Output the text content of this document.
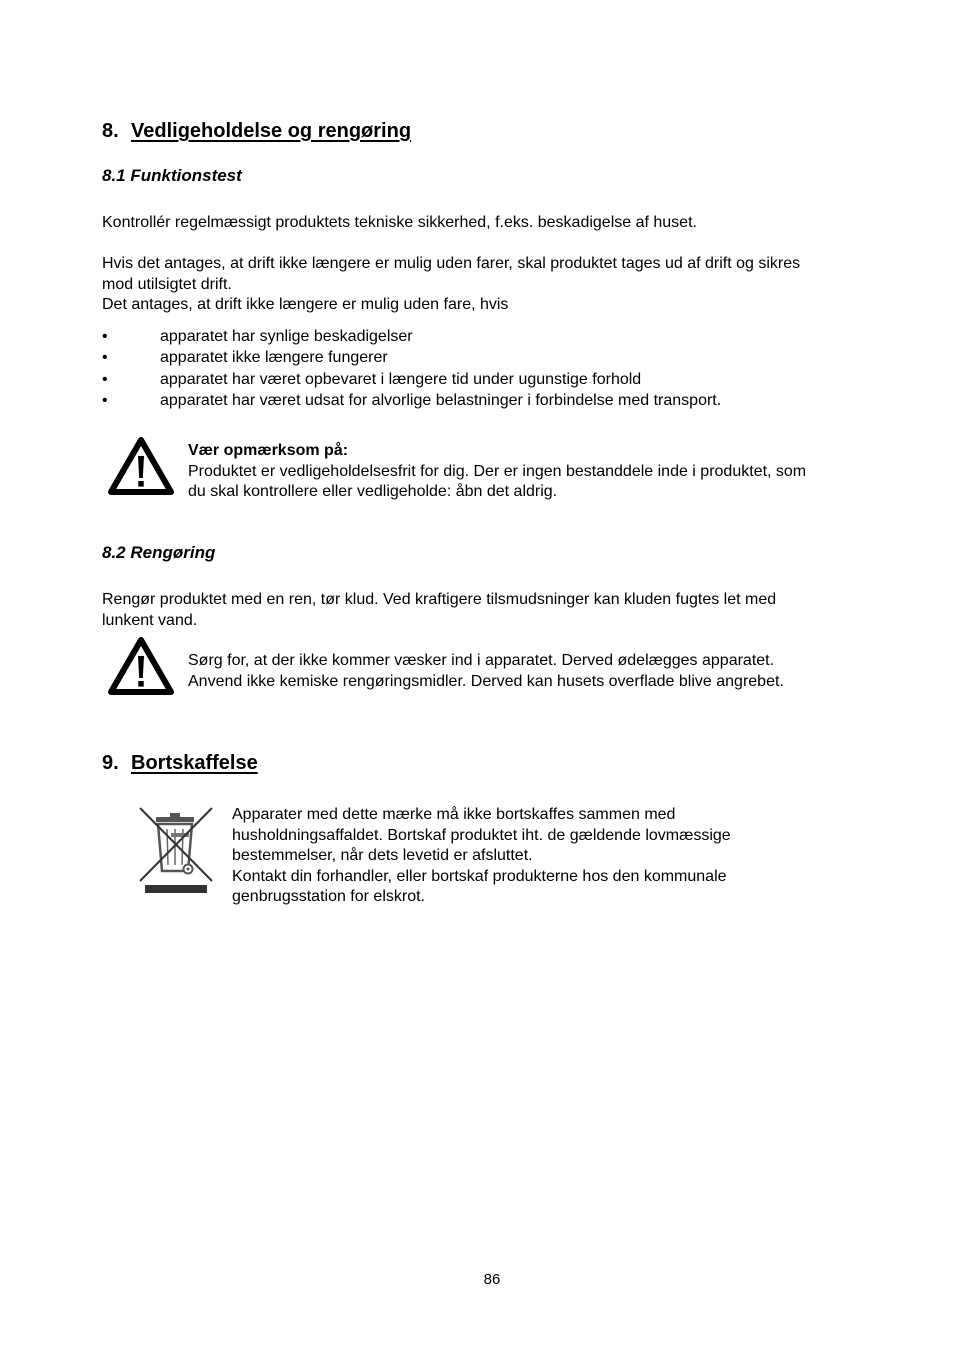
8. Vedligeholdelse og rengøring
8.1 Funktionstest
Kontrollér regelmæssigt produktets tekniske sikkerhed, f.eks. beskadigelse af huset.
Hvis det antages, at drift ikke længere er mulig uden farer, skal produktet tages ud af drift og sikres
mod utilsigtet drift.
Det antages, at drift ikke længere er mulig uden fare, hvis
•	apparatet har synlige beskadigelser
•	apparatet ikke længere fungerer
•	apparatet har været opbevaret i længere tid under ugunstige forhold
•	apparatet har været udsat for alvorlige belastninger i forbindelse med transport.
Vær opmærksom på:
Produktet er vedligeholdelsesfrit for dig. Der er ingen bestanddele inde i produktet, som
du skal kontrollere eller vedligeholde: åbn det aldrig.
8.2 Rengøring
Rengør produktet med en ren, tør klud. Ved kraftigere tilsmudsninger kan kluden fugtes let med
lunkent vand.
Sørg for, at der ikke kommer væsker ind i apparatet. Derved ødelægges apparatet.
Anvend ikke kemiske rengøringsmidler. Derved kan husets overflade blive angrebet.
9. Bortskaffelse
Apparater med dette mærke må ikke bortskaffes sammen med
husholdningsaffaldet. Bortskaf produktet iht. de gældende lovmæssige
bestemmelser, når dets levetid er afsluttet.
Kontakt din forhandler, eller bortskaf produkterne hos den kommunale
genbrugsstation for elskrot.
86
